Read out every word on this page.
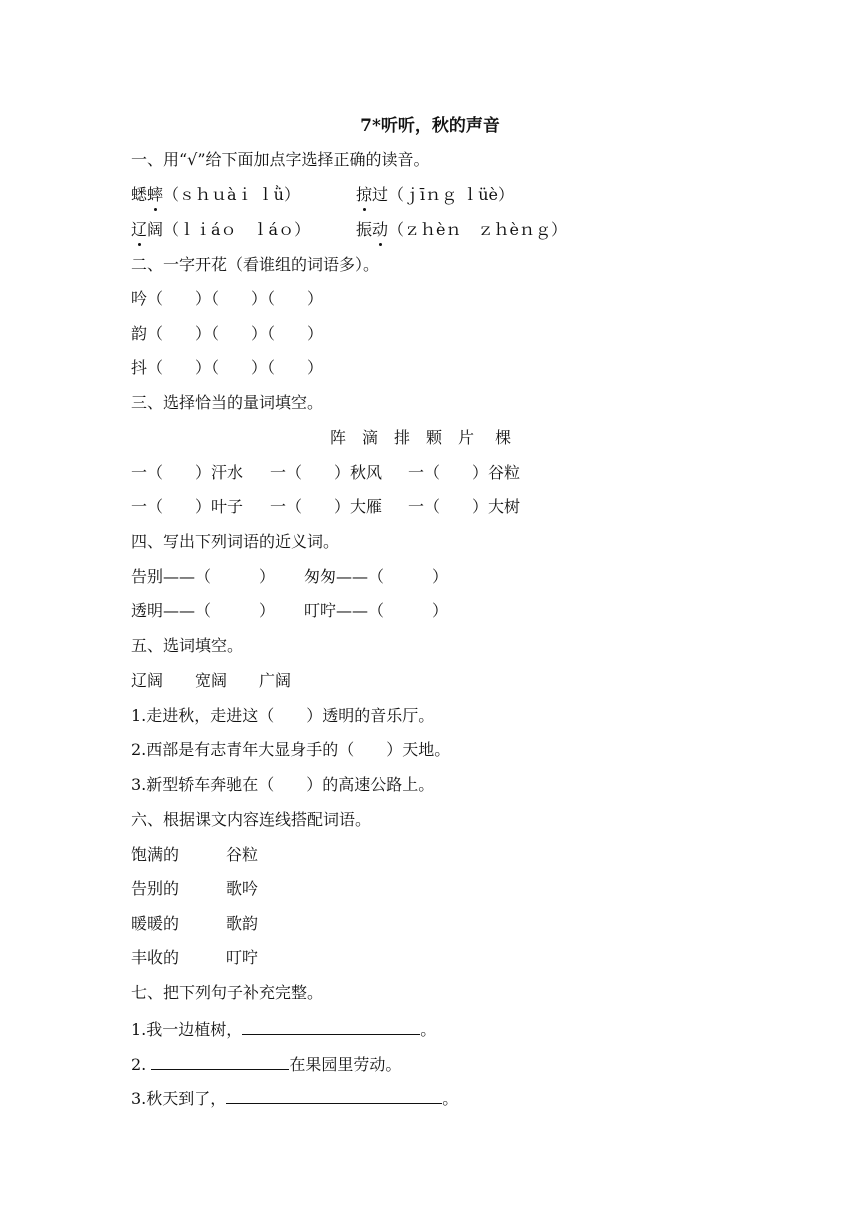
7*听听，秋的声音
一、用“√”给下面加点字选择正确的读音。
蟋蟀（ｓｈｕàｉ ｌǜ）	掠过（ｊīｎｇ ｌüè）
辽阔（ｌｉáｏ　ｌáｏ）	振动（ｚｈèｎ　ｚｈèｎｇ）
二、一字开花（看谁组的词语多）。
吟（　　）（　　）（　　）
韵（　　）（　　）（　　）
抖（　　）（　　）（　　）
三、选择恰当的量词填空。
阵　滴　排　颗　片　 棵
一（　　）汗水 一（　　）秋风 一（　　）谷粒
一（　　）叶子 一（　　）大雁 一（　　）大树
四、写出下列词语的近义词。
告别——（　　　） 匆匆——（　　　）
透明——（　　　） 叮咛——（　　　）
五、选词填空。
辽阔　　宽阔　　广阔
1.走进秋，走进这（　　）透明的音乐厅。
2.西部是有志青年大显身手的（　　）天地。
3.新型轿车奔驰在（　　）的高速公路上。
六、根据课文内容连线搭配词语。
饱满的	谷粒
告别的	歌吟
暖暖的	歌韵
丰收的	叮咛
七、把下列句子补充完整。
1.我一边植树，	。
2.	在果园里劳动。
3.秋天到了，	。
